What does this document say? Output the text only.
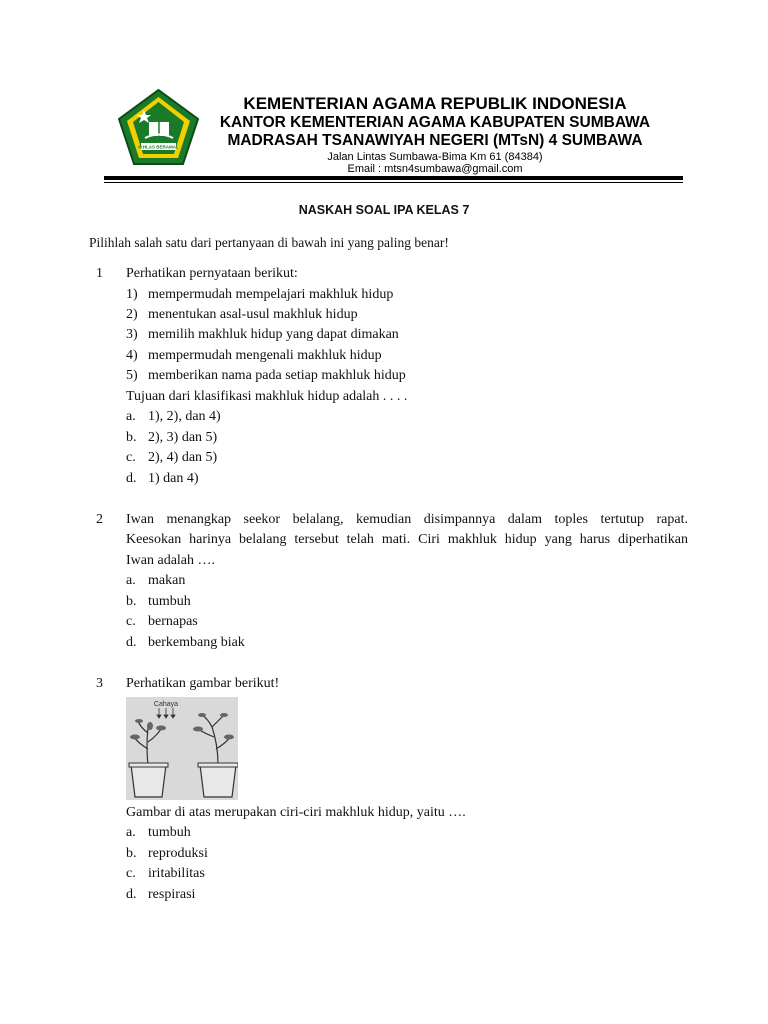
IKHLAS BERAMAL
KEMENTERIAN AGAMA REPUBLIK INDONESIA
KANTOR KEMENTERIAN AGAMA KABUPATEN SUMBAWA
MADRASAH TSANAWIYAH NEGERI (MTsN) 4 SUMBAWA
Jalan Lintas Sumbawa-Bima Km 61 (84384)
Email : mtsn4sumbawa@gmail.com
NASKAH SOAL IPA KELAS 7
Pilihlah salah satu dari pertanyaan di bawah ini yang paling benar!
1 Perhatikan pernyataan berikut:
1) mempermudah mempelajari makhluk hidup
2) menentukan asal-usul makhluk hidup
3) memilih makhluk hidup yang dapat dimakan
4) mempermudah mengenali makhluk hidup
5) memberikan nama pada setiap makhluk hidup
Tujuan dari klasifikasi makhluk hidup adalah . . . .
a. 1), 2), dan 4)
b. 2), 3) dan 5)
c. 2), 4) dan 5)
d. 1) dan 4)
2 Iwan menangkap seekor belalang, kemudian disimpannya dalam toples tertutup rapat.
Keesokan harinya belalang tersebut telah mati. Ciri makhluk hidup yang harus diperhatikan
Iwan adalah ….
a. makan
b. tumbuh
c. bernapas
d. berkembang biak
3 Perhatikan gambar berikut!
Cahaya
Gambar di atas merupakan ciri-ciri makhluk hidup, yaitu ….
a. tumbuh
b. reproduksi
c. iritabilitas
d. respirasi
